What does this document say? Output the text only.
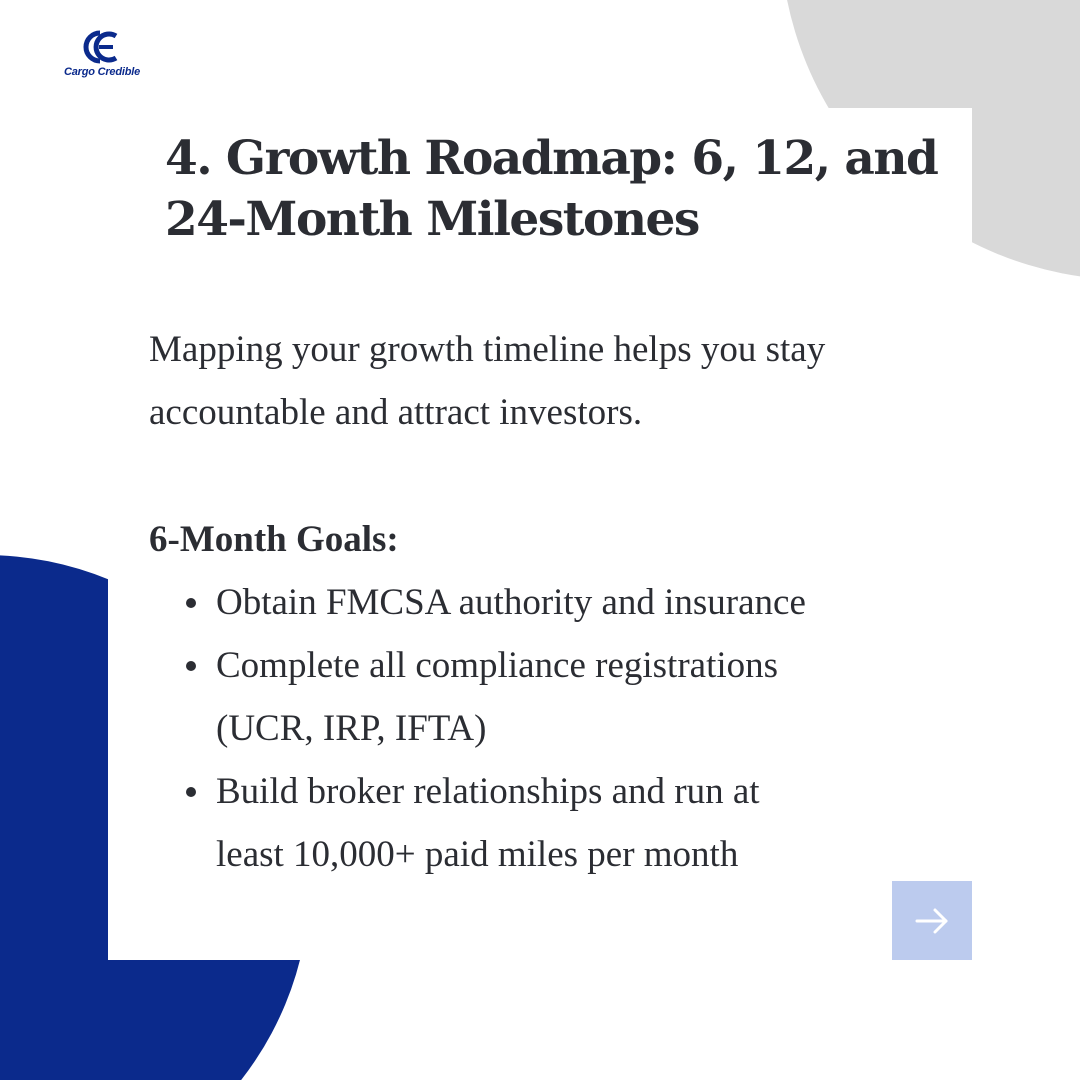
Cargo Credible
4. Growth Roadmap: 6, 12, and
24-Month Milestones

Mapping your growth timeline helps you stay
accountable and attract investors.

6-Month Goals:
Obtain FMCSA authority and insurance
Complete all compliance registrations
(UCR, IRP, IFTA)
Build broker relationships and run at
least 10,000+ paid miles per month
